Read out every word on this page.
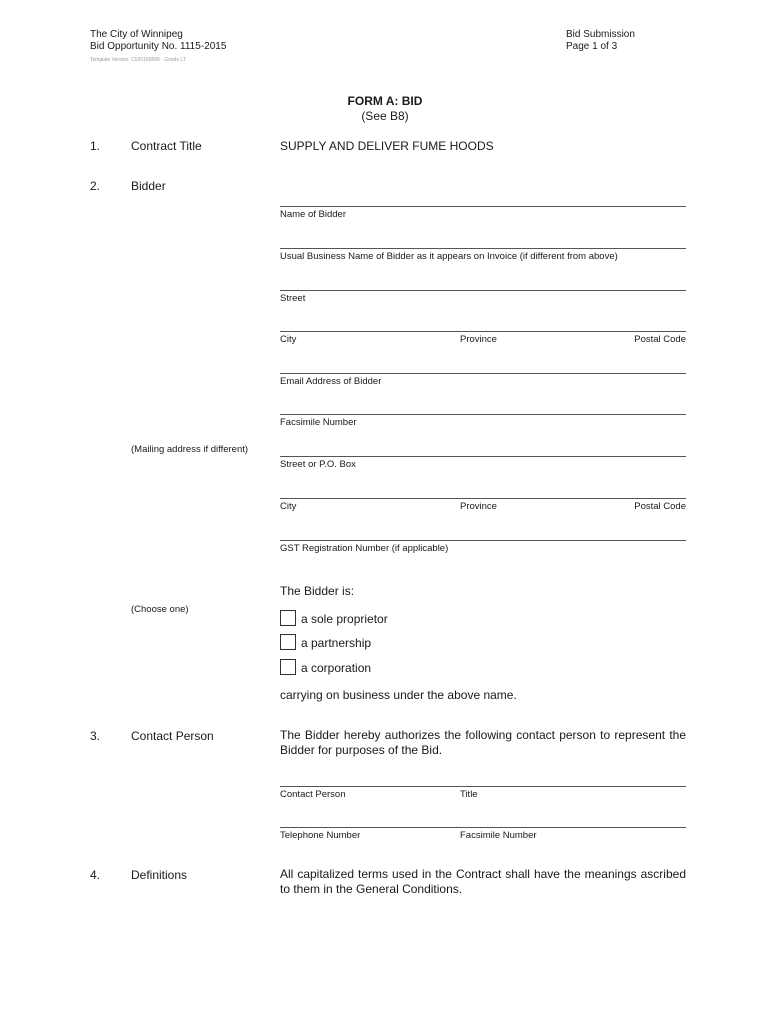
The City of Winnipeg
Bid Opportunity No. 1115-2015
Template Version: C520150806 - Goods LT
Bid Submission
Page 1 of 3
FORM A: BID
(See B8)
1.	Contract Title	SUPPLY AND DELIVER FUME HOODS
2.	Bidder
Name of Bidder
Usual Business Name of Bidder as it appears on Invoice (if different from above)
Street
City	Province	Postal Code
Email Address of Bidder
Facsimile Number
(Mailing address if different)
Street or P.O. Box
City	Province	Postal Code
GST Registration Number (if applicable)
The Bidder is:
(Choose one)
a sole proprietor
a partnership
a corporation
carrying on business under the above name.
3.	Contact Person	The Bidder hereby authorizes the following contact person to represent the Bidder for purposes of the Bid.
Contact Person	Title
Telephone Number	Facsimile Number
4.	Definitions	All capitalized terms used in the Contract shall have the meanings ascribed to them in the General Conditions.
